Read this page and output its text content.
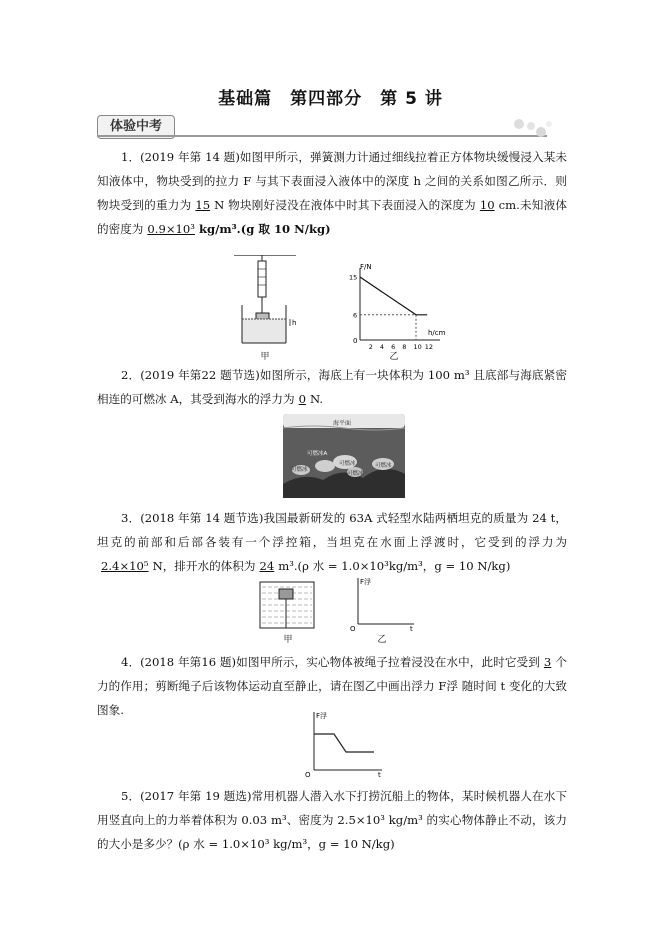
基础篇　第四部分　第 5 讲
体验中考
1．(2019 年第 14 题)如图甲所示，弹簧测力计通过细线拉着正方体物块缓慢浸入某未知液体中，物块受到的拉力 F 与其下表面浸入液体中的深度 h 之间的关系如图乙所示．则物块受到的重力为 15 N 物块刚好浸没在液体中时其下表面浸入的深度为 10 cm.未知液体的密度为 0.9×10³ kg/m³.(g 取 10 N/kg)
h
甲
F/N
h/cm
0
2 4 6 8 10 12
15
6
乙
2．(2019 年第22 题节选)如图所示，海底上有一块体积为 100 m³ 且底部与海底紧密相连的可燃冰 A，其受到海水的浮力为 0 N.
海平面
可燃冰A
可燃冰
可燃冰
可燃冰
可燃冰
3．(2018 年第 14 题节选)我国最新研发的 63A 式轻型水陆两栖坦克的质量为 24 t，坦克的前部和后部各装有一个浮控箱，当坦克在水面上浮渡时，它受到的浮力为2.4×10⁵ N，排开水的体积为 24 m³.(ρ 水 = 1.0×10³kg/m³，g = 10 N/kg)
甲
F浮
t
O
乙
4．(2018 年第16 题)如图甲所示，实心物体被绳子拉着浸没在水中，此时它受到 3 个力的作用；剪断绳子后该物体运动直至静止，请在图乙中画出浮力 F浮 随时间 t 变化的大致图象.	F浮
t
O
5．(2017 年第 19 题选)常用机器人潜入水下打捞沉船上的物体，某时候机器人在水下用竖直向上的力举着体积为 0.03 m³、密度为 2.5×10³ kg/m³ 的实心物体静止不动，该力的大小是多少？(ρ 水 = 1.0×10³ kg/m³，g = 10 N/kg)
